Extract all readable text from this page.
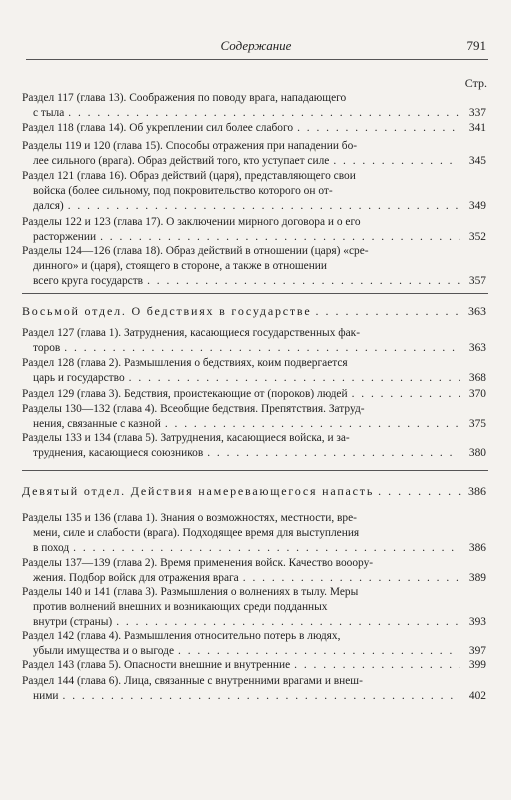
Содержание	791
Стр.
Раздел 117 (глава 13). Соображения по поводу врага, нападающего
с тыла . . .	337
Раздел 118 (глава 14). Об укреплении сил более слабого . . .	341
Разделы 119 и 120 (глава 15). Способы отражения при нападении бо-
лее сильного (врага). Образ действий того, кто уступает силе . . .	345
Раздел 121 (глава 16). Образ действий (царя), представляющего свои
войска (более сильному, под покровительство которого он от-
дался) . . .	349
Разделы 122 и 123 (глава 17). О заключении мирного договора и о его
расторжении . . .	352
Разделы 124—126 (глава 18). Образ действий в отношении (царя) «сре-
динного» и (царя), стоящего в стороне, а также в отношении
всего круга государств . . .	357
Восьмой отдел. О бедствиях в государстве . . .	363
Раздел 127 (глава 1). Затруднения, касающиеся государственных фак-
торов . . .	363
Раздел 128 (глава 2). Размышления о бедствиях, коим подвергается
царь и государство . . .	368
Раздел 129 (глава 3). Бедствия, проистекающие от (пороков) людей . . .	370
Разделы 130—132 (глава 4). Всеобщие бедствия. Препятствия. Затруд-
нения, связанные с казной . . .	375
Разделы 133 и 134 (глава 5). Затруднения, касающиеся войска, и за-
труднения, касающиеся союзников . . .	380
Девятый отдел. Действия намеревающегося напасть . . .	386
Разделы 135 и 136 (глава 1). Знания о возможностях, местности, вре-
мени, силе и слабости (врага). Подходящее время для выступления
в поход . . .	386
Разделы 137—139 (глава 2). Время применения войск. Качество вооору-
жения. Подбор войск для отражения врага . . .	389
Разделы 140 и 141 (глава 3). Размышления о волнениях в тылу. Меры
против волнений внешних и возникающих среди подданных
внутри (страны) . . .	393
Раздел 142 (глава 4). Размышления относительно потерь в людях,
убыли имущества и о выгоде . . .	397
Раздел 143 (глава 5). Опасности внешние и внутренние . . .	399
Раздел 144 (глава 6). Лица, связанные с внутренними врагами и внеш-
ними . . .	402
